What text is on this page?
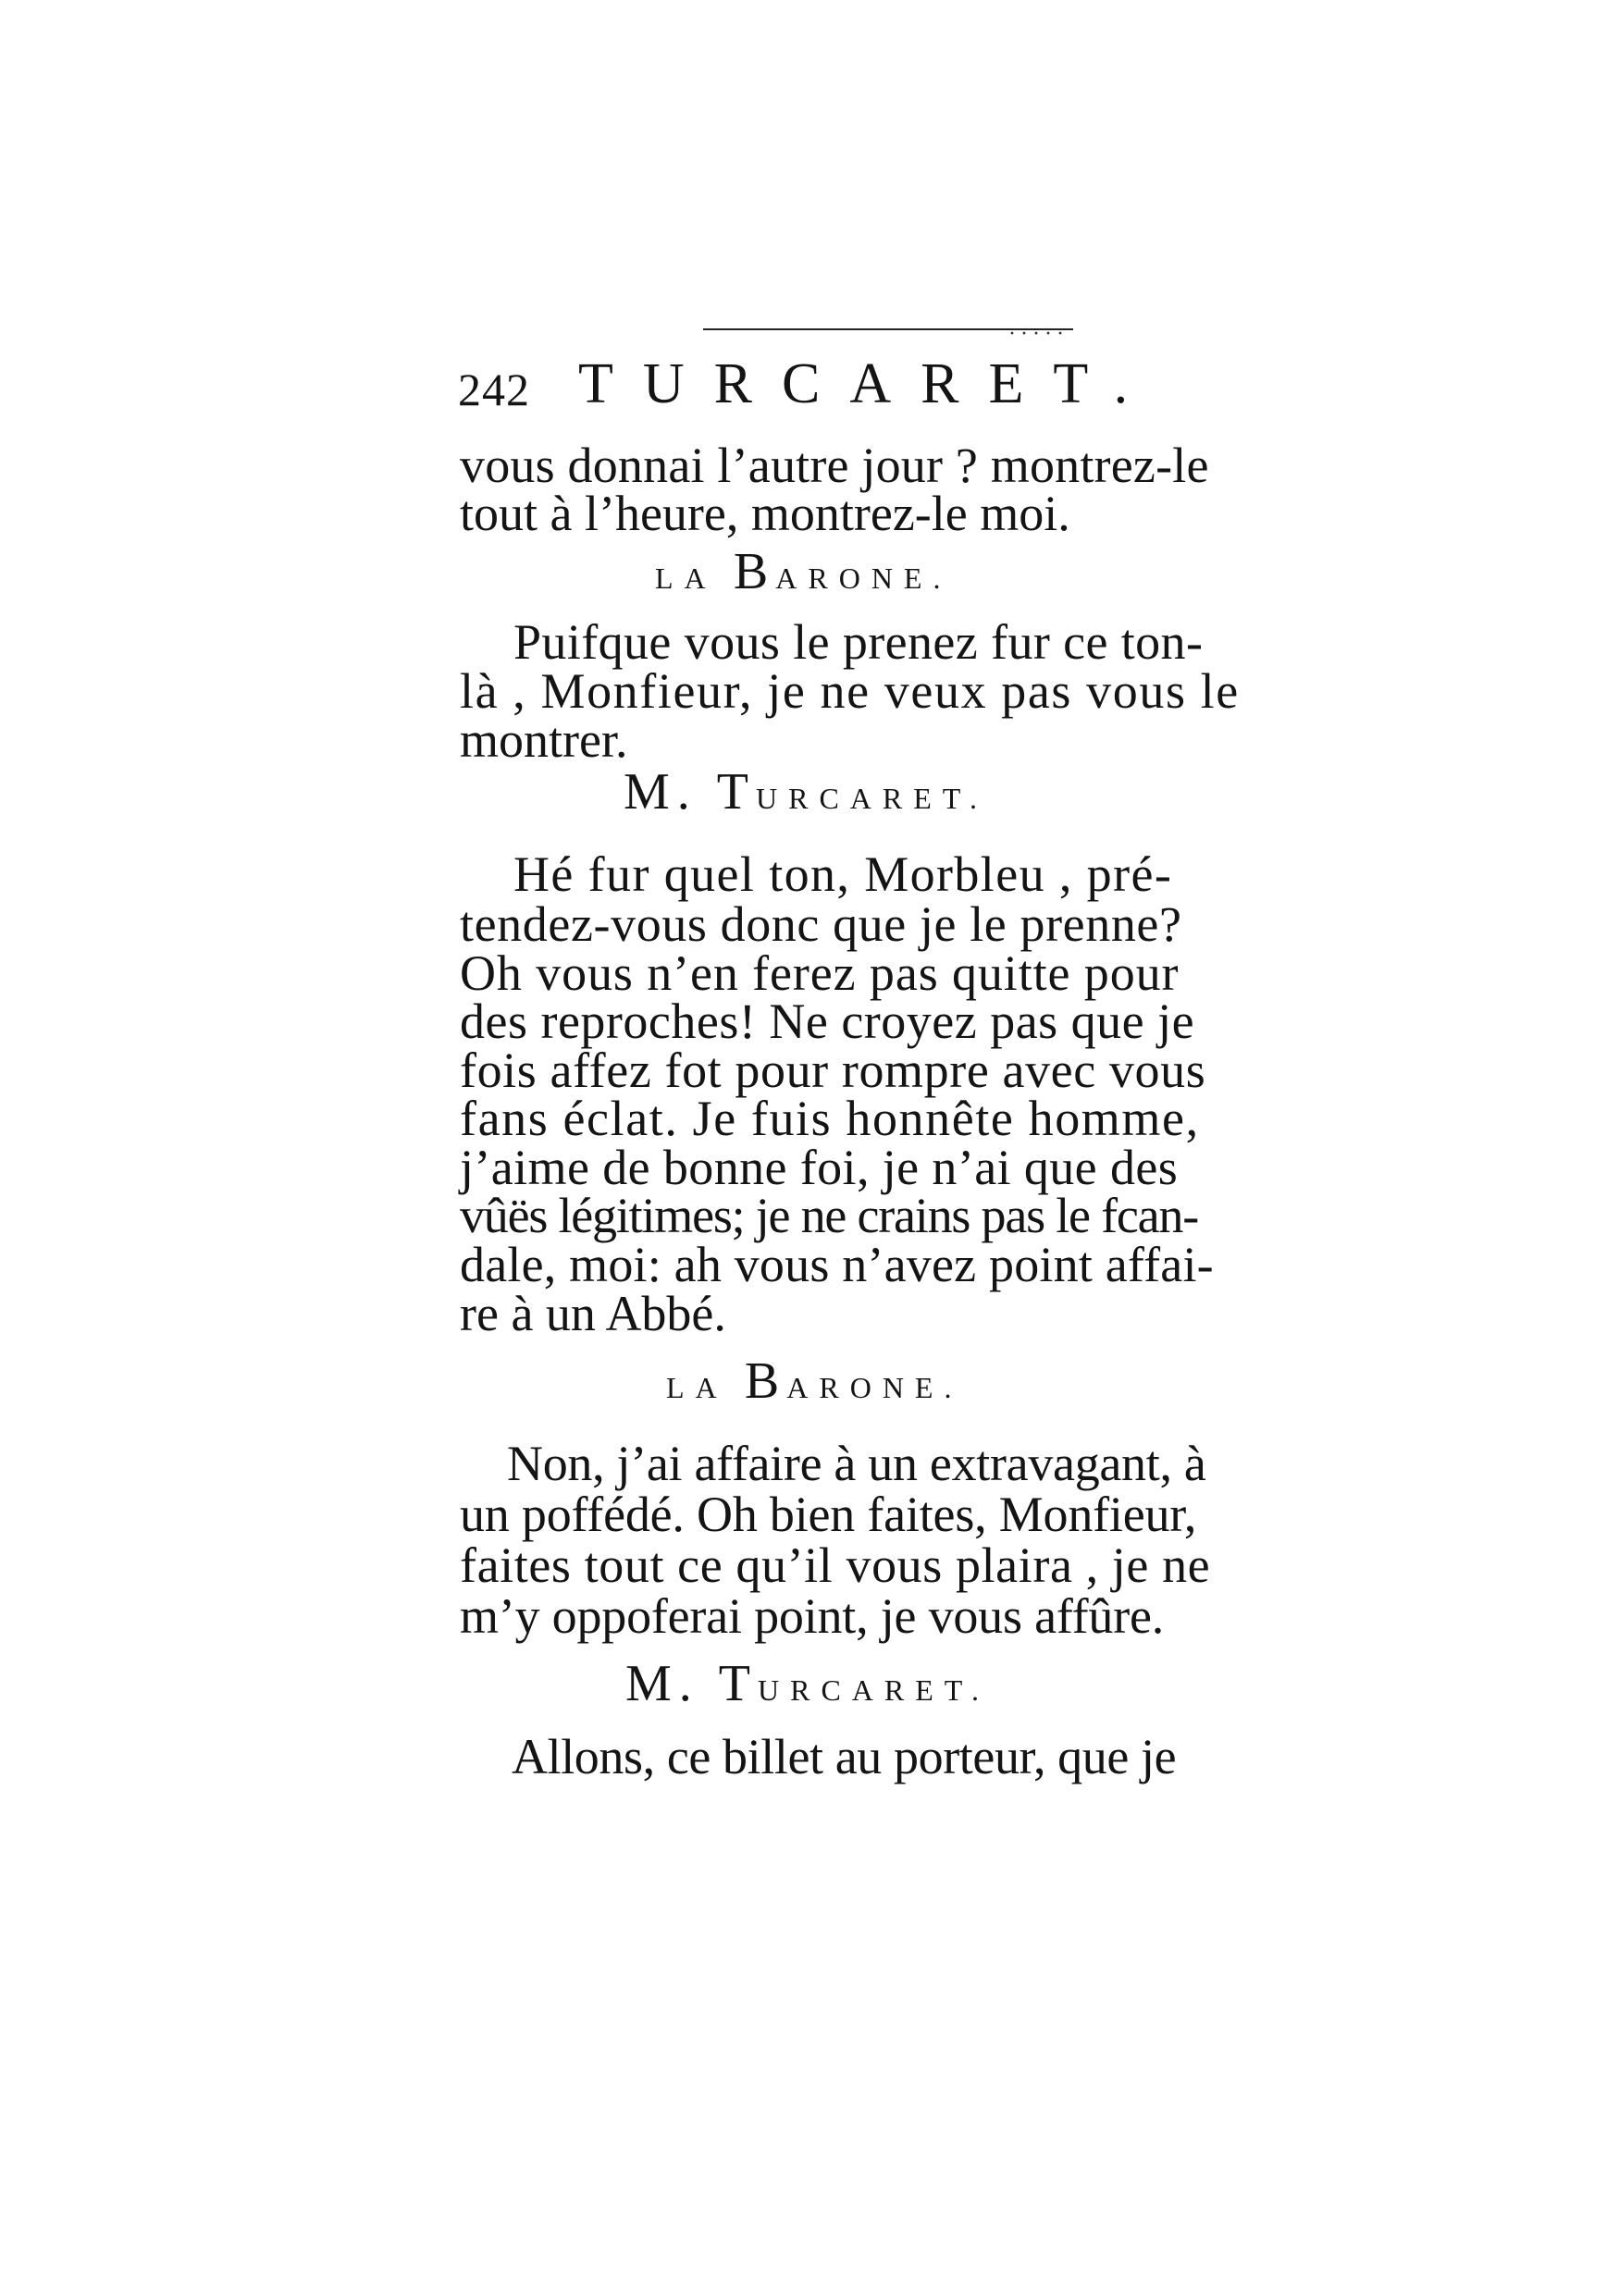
·····
242 TURCARET.
vous donnai l’autre jour ? montrez-le
tout à l’heure, montrez-le moi.
LA BARONE.
Puifque vous le prenez fur ce ton-
là , Monfieur, je ne veux pas vous le
montrer.
M. TURCARET.
Hé fur quel ton, Morbleu , pré-
tendez-vous donc que je le prenne?
Oh vous n’en ferez pas quitte pour
des reproches! Ne croyez pas que je
fois affez fot pour rompre avec vous
fans éclat. Je fuis honnête homme,
j’aime de bonne foi, je n’ai que des
vûës légitimes; je ne crains pas le fcan-
dale, moi: ah vous n’avez point affai-
re à un Abbé.
LA BARONE.
Non, j’ai affaire à un extravagant, à
un poffédé. Oh bien faites, Monfieur,
faites tout ce qu’il vous plaira , je ne
m’y oppoferai point, je vous affûre.
M. TURCARET.
Allons, ce billet au porteur, que je
